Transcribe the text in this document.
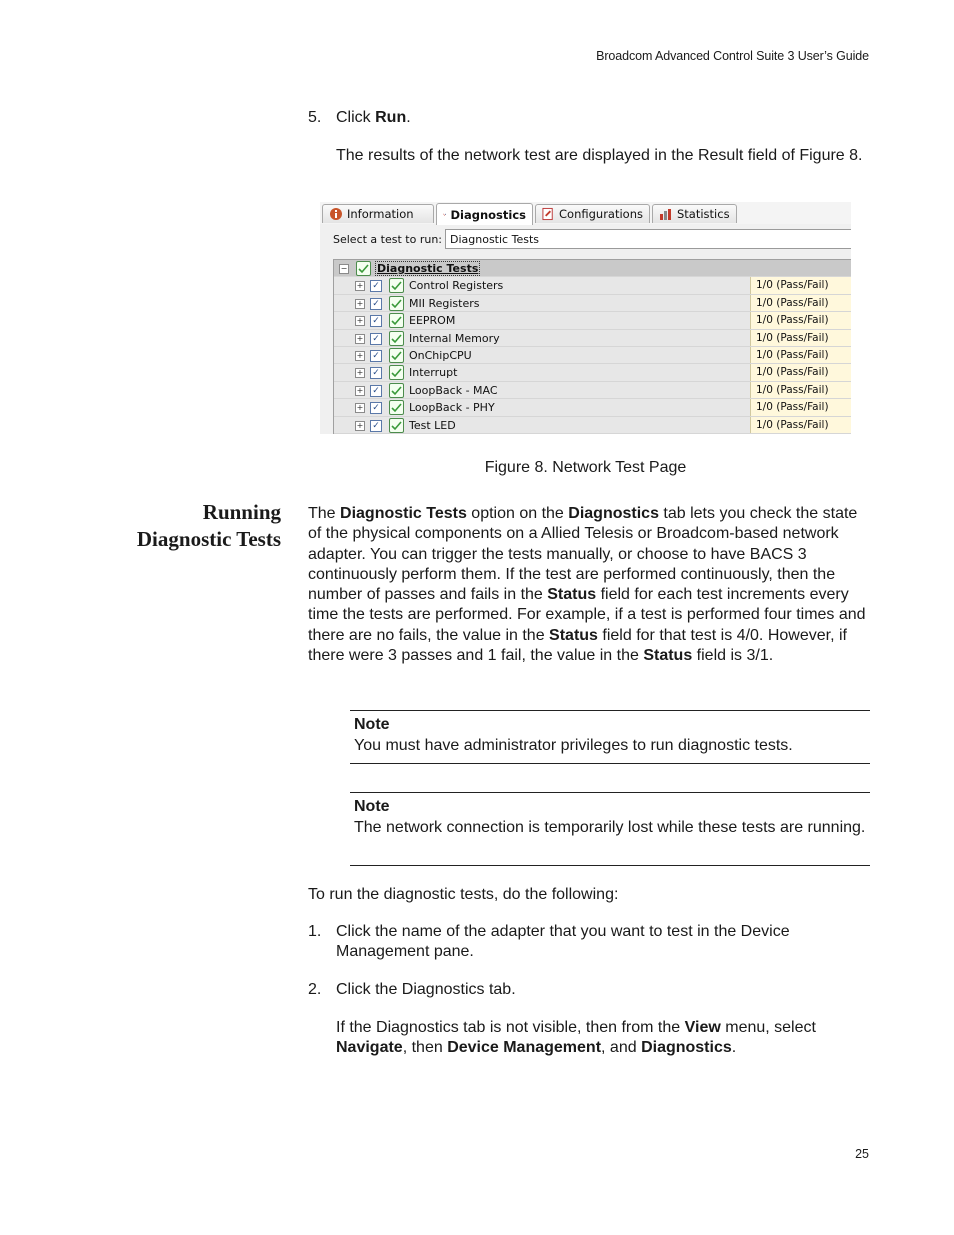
Broadcom Advanced Control Suite 3 User’s Guide
5. Click Run.
The results of the network test are displayed in the Result field of Figure 8.
Information	Diagnostics	Configurations	Statistics
Select a test to run: Diagnostic Tests
−	Diagnostic Tests
+ ✓	Control Registers	1/0 (Pass/Fail)
+ ✓	MII Registers	1/0 (Pass/Fail)
+ ✓	EEPROM	1/0 (Pass/Fail)
+ ✓	Internal Memory	1/0 (Pass/Fail)
+ ✓	OnChipCPU	1/0 (Pass/Fail)
+ ✓	Interrupt	1/0 (Pass/Fail)
+ ✓	LoopBack - MAC	1/0 (Pass/Fail)
+ ✓	LoopBack - PHY	1/0 (Pass/Fail)
+ ✓	Test LED	1/0 (Pass/Fail)
Figure 8. Network Test Page
Running
Diagnostic Tests
The Diagnostic Tests option on the Diagnostics tab lets you check the state of the physical components on a Allied Telesis or Broadcom-based network adapter. You can trigger the tests manually, or choose to have BACS 3 continuously perform them. If the test are performed continuously, then the number of passes and fails in the Status field for each test increments every time the tests are performed. For example, if a test is performed four times and there are no fails, the value in the Status field for that test is 4/0. However, if there were 3 passes and 1 fail, the value in the Status field is 3/1.
Note
You must have administrator privileges to run diagnostic tests.
Note
The network connection is temporarily lost while these tests are running.
To run the diagnostic tests, do the following:
1. Click the name of the adapter that you want to test in the Device Management pane.
2. Click the Diagnostics tab.
If the Diagnostics tab is not visible, then from the View menu, select Navigate, then Device Management, and Diagnostics.
25
